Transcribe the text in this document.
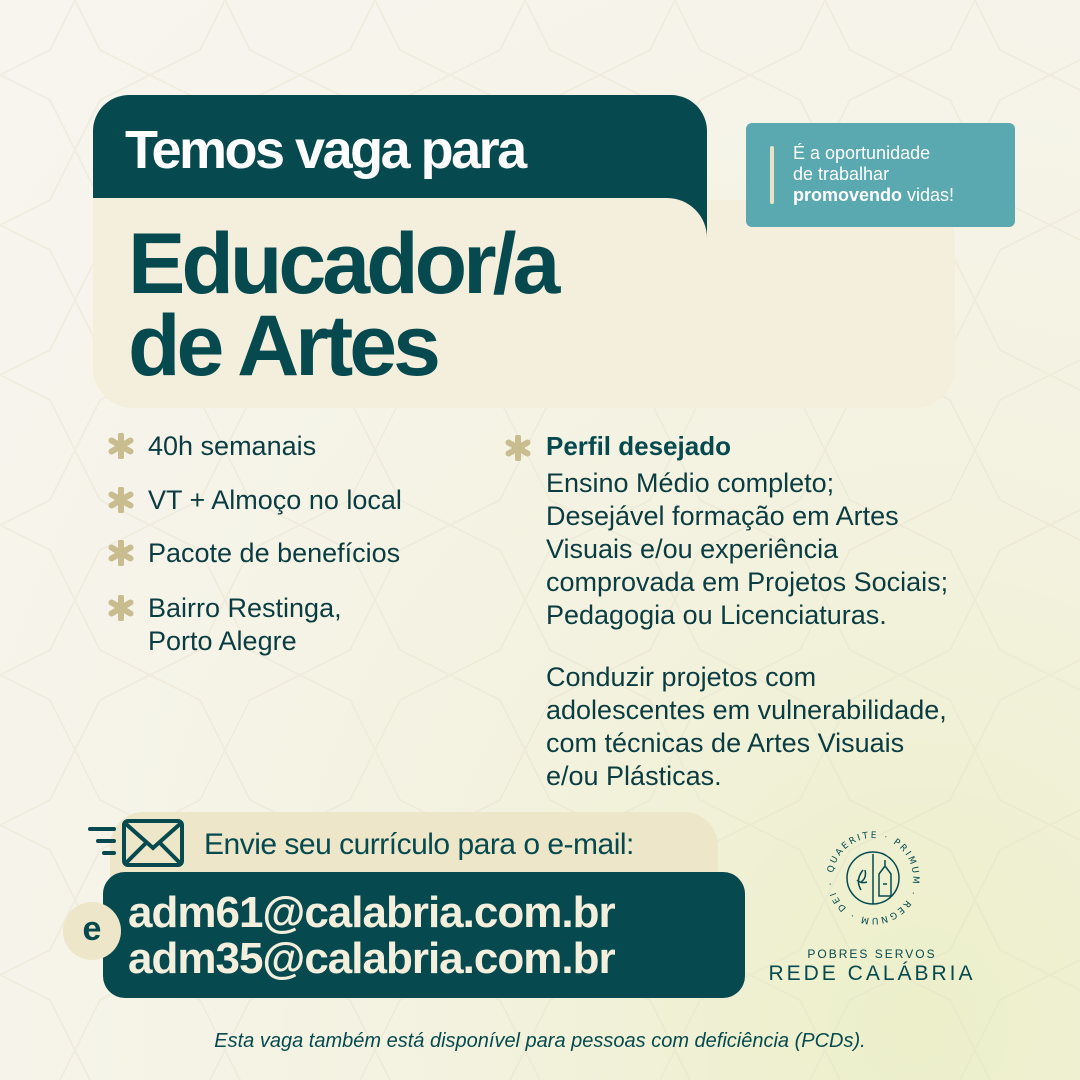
Temos vaga para
Educador/a
de Artes
É a oportunidade
de trabalhar
promovendo vidas!
40h semanais
VT + Almoço no local
Pacote de benefícios
Bairro Restinga,
Porto Alegre
Perfil desejado
Ensino Médio completo;
Desejável formação em Artes
Visuais e/ou experiência
comprovada em Projetos Sociais;
Pedagogia ou Licenciaturas.
Conduzir projetos com
adolescentes em vulnerabilidade,
com técnicas de Artes Visuais
e/ou Plásticas.
Envie seu currículo para o e-mail:
adm61@calabria.com.br
adm35@calabria.com.br
e
QUAERITE · PRIMUM · REGNUM · DEI ·
POBRES SERVOS
REDE CALÁBRIA
Esta vaga também está disponível para pessoas com deficiência (PCDs).
